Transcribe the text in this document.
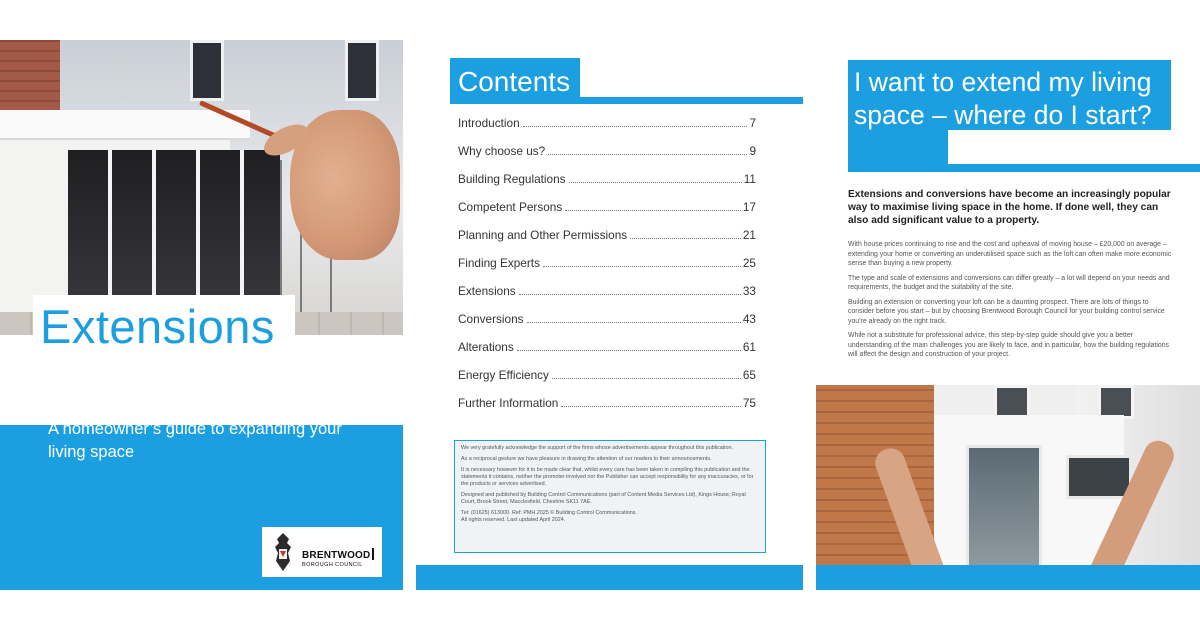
Extensions
A homeowner’s guide to expanding your living space
BRENTWOOD
BOROUGH COUNCIL
Contents
Introduction	7
Why choose us?	9
Building Regulations	11
Competent Persons	17
Planning and Other Permissions	21
Finding Experts	25
Extensions	33
Conversions	43
Alterations	61
Energy Efficiency	65
Further Information	75

We very gratefully acknowledge the support of the firms whose advertisements appear throughout this publication.

As a reciprocal gesture we have pleasure in drawing the attention of our readers to their announcements.

It is necessary however for it to be made clear that, whilst every care has been taken in compiling this publication and the statements it contains, neither the promoter involved nor the Publisher can accept responsibility for any inaccuracies, or for the products or services advertised.

Designed and published by Building Control Communications (part of Content Media Services Ltd), Kings House, Royal Court, Brook Street, Macclesfield, Cheshire SK11 7AE.

Tel: (01625) 613000. Ref: PMH 2025 © Building Control Communications.

All rights reserved. Last updated April 2024.

I want to extend my living space – where do I start?
Extensions and conversions have become an increasingly popular way to maximise living space in the home. If done well, they can also add significant value to a property.

With house prices continuing to rise and the cost and upheaval of moving house – £20,000 on average – extending your home or converting an underutilised space such as the loft can often make more economic sense than buying a new property.

The type and scale of extensions and conversions can differ greatly – a lot will depend on your needs and requirements, the budget and the suitability of the site.

Building an extension or converting your loft can be a daunting prospect. There are lots of things to consider before you start – but by choosing Brentwood Borough Council for your building control service you’re already on the right track.

While not a substitute for professional advice, this step-by-step guide should give you a better understanding of the main challenges you are likely to face, and in particular, how the building regulations will affect the design and construction of your project.
